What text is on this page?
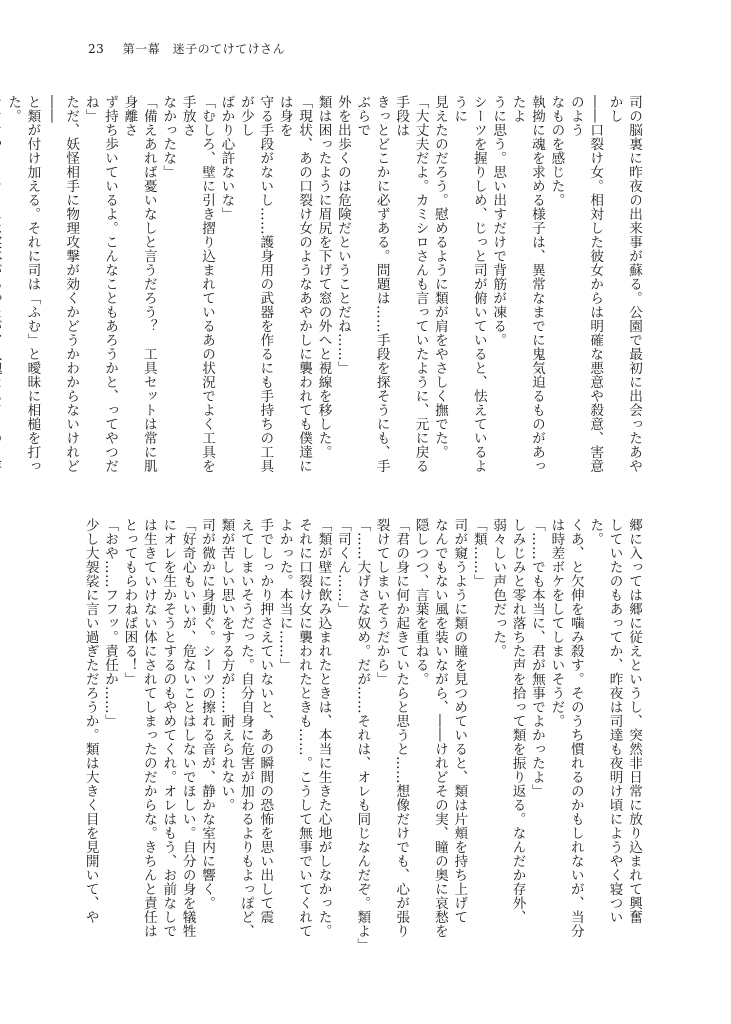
23 第一幕　迷子のてけてけさん

司の脳裏に昨夜の出来事が蘇る。公園で最初に出会ったあやかし

――口裂け女。相対した彼女からは明確な悪意や殺意、害意のよう

なものを感じた。

執拗に魂を求める様子は、異常なまでに鬼気迫るものがあったよ

うに思う。思い出すだけで背筋が凍る。

シーツを握りしめ、じっと司が俯いていると、怯えているように

見えたのだろう。慰めるように類が肩をやさしく撫でた。

「大丈夫だよ。カミシロさんも言っていたように、元に戻る手段は

きっとどこかに必ずある。問題は……手段を探そうにも、手ぶらで

外を出歩くのは危険だということだね……」

類は困ったように眉尻を下げて窓の外へと視線を移した。

「現状、あの口裂け女のようなあやかしに襲われても僕達には身を

守る手段がないし……護身用の武器を作るにも手持ちの工具が少し

ばかり心許ないな」

「むしろ、壁に引き摺り込まれているあの状況でよく工具を手放さ

なかったな」

「備えあれば憂いなしと言うだろう？　工具セットは常に肌身離さ

ず持ち歩いているよ。こんなこともあろうかと、ってやつだね」

ただ、妖怪相手に物理攻撃が効くかどうかわからないけれど――

と類が付け加える。それに司は「ふむ」と曖昧に相槌を打った。

郷に入っては郷に従えというし、突然非日常に放り込まれて興奮

していたのもあってか、昨夜は司達も夜明け頃にようやく寝ついた。

くあ、と欠伸を噛み殺す。そのうち慣れるのかもしれないが、当分

は時差ボケをしてしまいそうだ。

「……でも本当に、君が無事でよかったよ」

しみじみと零れ落ちた声を拾って類を振り返る。なんだか存外、

弱々しい声色だった。

「類……」

司が窺うように類の瞳を見つめていると、類は片頬を持ち上げて

なんでもない風を装いながら、――けれどその実、瞳の奥に哀愁を

隠しつつ、言葉を重ねる。

「君の身に何か起きていたらと思うと……想像だけでも、心が張り

裂けてしまいそうだから」

「……大げさな奴め。だが……それは、オレも同じなんだぞ。類よ」

「司くん……」

「類が壁に飲み込まれたときは、本当に生きた心地がしなかった。

それに口裂け女に襲われたときも……。こうして無事でいてくれて

よかった。本当に……」

手でしっかり押さえていないと、あの瞬間の恐怖を思い出して震

えてしまいそうだった。自分自身に危害が加わるよりもよっぽど、

類が苦しい思いをする方が……耐えられない。

司が微かに身動ぐ。シーツの擦れる音が、静かな室内に響く。

「好奇心もいいが、危ないことはしないでほしい。自分の身を犠牲

にオレを生かそうとするのもやめてくれ。オレはもう、お前なしで

は生きていけない体にされてしまったのだからな。きちんと責任は

とってもらわねば困る！」

「おや……フフッ。責任か……」

少し大袈裟に言い過ぎただろうか。類は大きく目を見開いて、や
